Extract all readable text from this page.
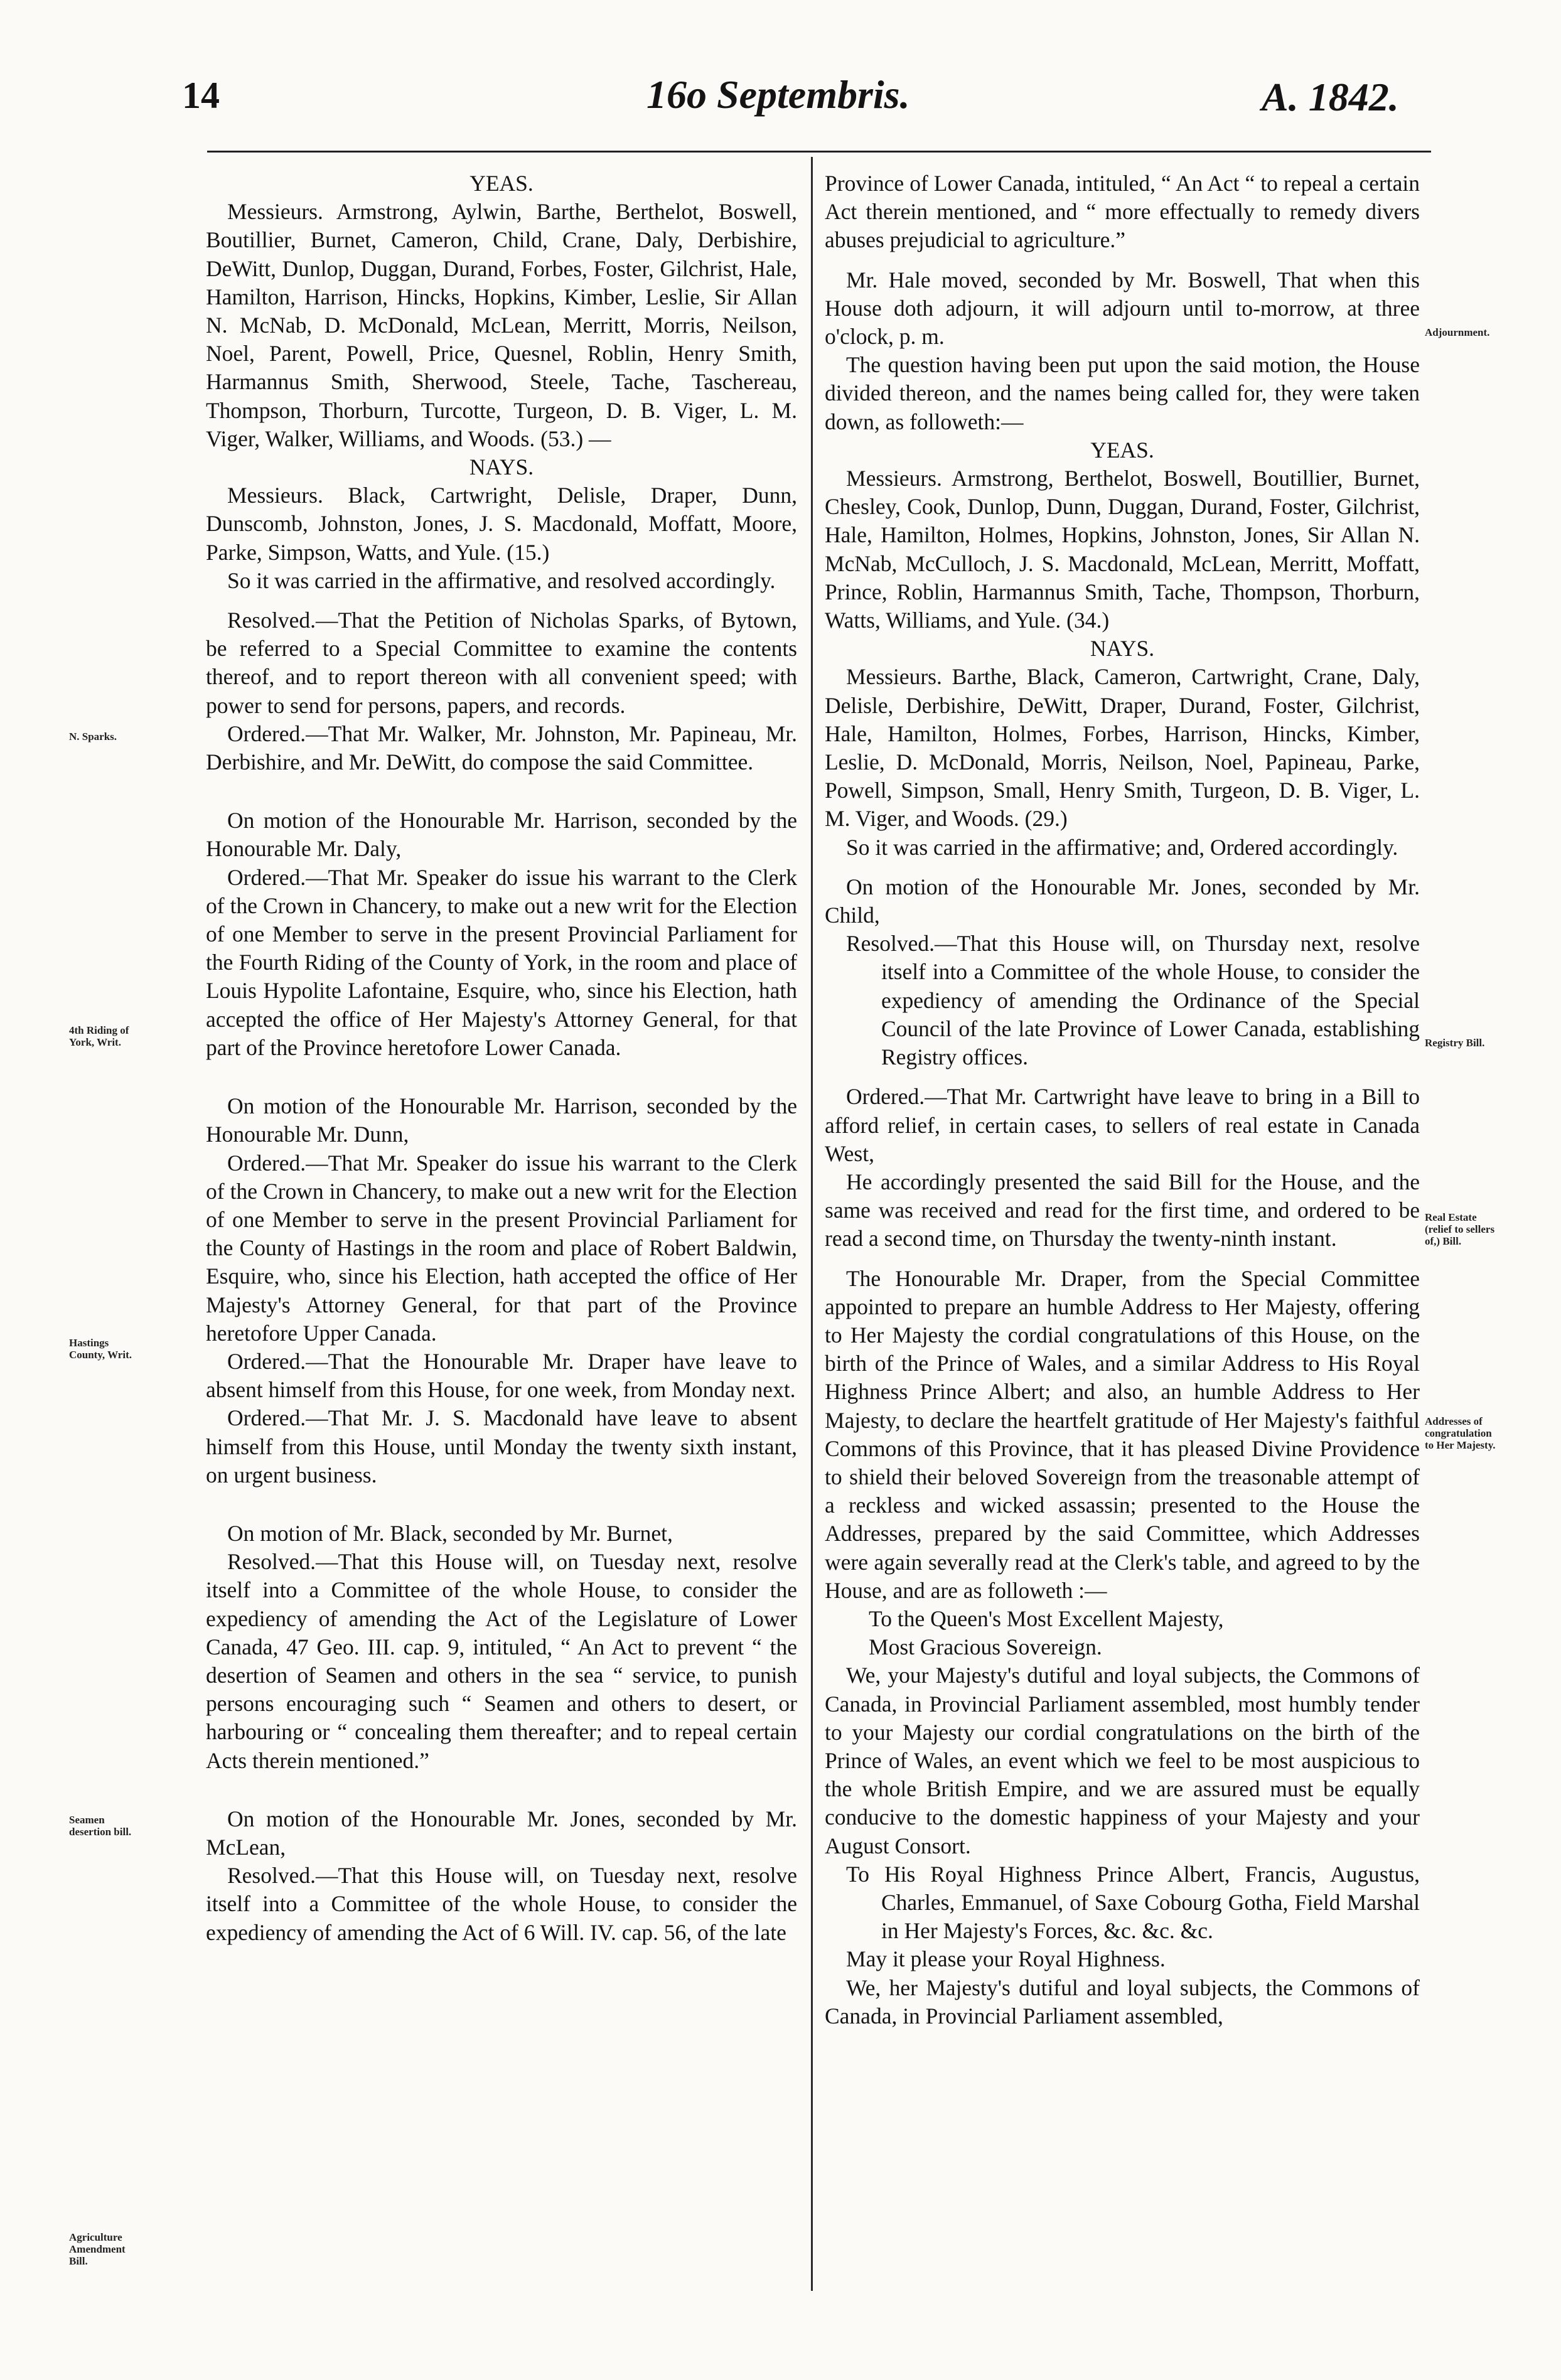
14	16o Septembris.	A. 1842.

YEAS.

Messieurs. Armstrong, Aylwin, Barthe, Berthelot, Boswell, Boutillier, Burnet, Cameron, Child, Crane, Daly, Derbishire, DeWitt, Dunlop, Duggan, Durand, Forbes, Foster, Gilchrist, Hale, Hamilton, Harrison, Hincks, Hopkins, Kimber, Leslie, Sir Allan N. McNab, D. McDonald, McLean, Merritt, Morris, Neilson, Noel, Parent, Powell, Price, Quesnel, Roblin, Henry Smith, Harmannus Smith, Sherwood, Steele, Tache, Taschereau, Thompson, Thorburn, Turcotte, Turgeon, D. B. Viger, L. M. Viger, Walker, Williams, and Woods. (53.) —

NAYS.

Messieurs. Black, Cartwright, Delisle, Draper, Dunn, Dunscomb, Johnston, Jones, J. S. Macdonald, Moffatt, Moore, Parke, Simpson, Watts, and Yule. (15.)

So it was carried in the affirmative, and resolved accordingly.

Resolved.—That the Petition of Nicholas Sparks, of Bytown, be referred to a Special Committee to examine the contents thereof, and to report thereon with all convenient speed; with power to send for persons, papers, and records.

Ordered.—That Mr. Walker, Mr. Johnston, Mr. Papineau, Mr. Derbishire, and Mr. DeWitt, do compose the said Committee.

On motion of the Honourable Mr. Harrison, seconded by the Honourable Mr. Daly,

Ordered.—That Mr. Speaker do issue his warrant to the Clerk of the Crown in Chancery, to make out a new writ for the Election of one Member to serve in the present Provincial Parliament for the Fourth Riding of the County of York, in the room and place of Louis Hypolite Lafontaine, Esquire, who, since his Election, hath accepted the office of Her Majesty's Attorney General, for that part of the Province heretofore Lower Canada.

On motion of the Honourable Mr. Harrison, seconded by the Honourable Mr. Dunn,

Ordered.—That Mr. Speaker do issue his warrant to the Clerk of the Crown in Chancery, to make out a new writ for the Election of one Member to serve in the present Provincial Parliament for the County of Hastings in the room and place of Robert Baldwin, Esquire, who, since his Election, hath accepted the office of Her Majesty's Attorney General, for that part of the Province heretofore Upper Canada.

Ordered.—That the Honourable Mr. Draper have leave to absent himself from this House, for one week, from Monday next.

Ordered.—That Mr. J. S. Macdonald have leave to absent himself from this House, until Monday the twenty sixth instant, on urgent business.

On motion of Mr. Black, seconded by Mr. Burnet,

Resolved.—That this House will, on Tuesday next, resolve itself into a Committee of the whole House, to consider the expediency of amending the Act of the Legislature of Lower Canada, 47 Geo. III. cap. 9, intituled, “ An Act to prevent “ the desertion of Seamen and others in the sea “ service, to punish persons encouraging such “ Seamen and others to desert, or harbouring or “ concealing them thereafter; and to repeal certain Acts therein mentioned.”

On motion of the Honourable Mr. Jones, seconded by Mr. McLean,

Resolved.—That this House will, on Tuesday next, resolve itself into a Committee of the whole House, to consider the expediency of amending the Act of 6 Will. IV. cap. 56, of the late

Province of Lower Canada, intituled, “ An Act “ to repeal a certain Act therein mentioned, and “ more effectually to remedy divers abuses prejudicial to agriculture.”

Mr. Hale moved, seconded by Mr. Boswell, That when this House doth adjourn, it will adjourn until to-morrow, at three o'clock, p. m.

The question having been put upon the said motion, the House divided thereon, and the names being called for, they were taken down, as followeth:—

YEAS.

Messieurs. Armstrong, Berthelot, Boswell, Boutillier, Burnet, Chesley, Cook, Dunlop, Dunn, Duggan, Durand, Foster, Gilchrist, Hale, Hamilton, Holmes, Hopkins, Johnston, Jones, Sir Allan N. McNab, McCulloch, J. S. Macdonald, McLean, Merritt, Moffatt, Prince, Roblin, Harmannus Smith, Tache, Thompson, Thorburn, Watts, Williams, and Yule. (34.)

NAYS.

Messieurs. Barthe, Black, Cameron, Cartwright, Crane, Daly, Delisle, Derbishire, DeWitt, Draper, Durand, Foster, Gilchrist, Hale, Hamilton, Holmes, Forbes, Harrison, Hincks, Kimber, Leslie, D. McDonald, Morris, Neilson, Noel, Papineau, Parke, Powell, Simpson, Small, Henry Smith, Turgeon, D. B. Viger, L. M. Viger, and Woods. (29.)

So it was carried in the affirmative; and, Ordered accordingly.

On motion of the Honourable Mr. Jones, seconded by Mr. Child,

Resolved.—That this House will, on Thursday next, resolve itself into a Committee of the whole House, to consider the expediency of amending the Ordinance of the Special Council of the late Province of Lower Canada, establishing Registry offices.

Ordered.—That Mr. Cartwright have leave to bring in a Bill to afford relief, in certain cases, to sellers of real estate in Canada West,

He accordingly presented the said Bill for the House, and the same was received and read for the first time, and ordered to be read a second time, on Thursday the twenty-ninth instant.

The Honourable Mr. Draper, from the Special Committee appointed to prepare an humble Address to Her Majesty, offering to Her Majesty the cordial congratulations of this House, on the birth of the Prince of Wales, and a similar Address to His Royal Highness Prince Albert; and also, an humble Address to Her Majesty, to declare the heartfelt gratitude of Her Majesty's faithful Commons of this Province, that it has pleased Divine Providence to shield their beloved Sovereign from the treasonable attempt of a reckless and wicked assassin; presented to the House the Addresses, prepared by the said Committee, which Addresses were again severally read at the Clerk's table, and agreed to by the House, and are as followeth :—

To the Queen's Most Excellent Majesty,

Most Gracious Sovereign.

We, your Majesty's dutiful and loyal subjects, the Commons of Canada, in Provincial Parliament assembled, most humbly tender to your Majesty our cordial congratulations on the birth of the Prince of Wales, an event which we feel to be most auspicious to the whole British Empire, and we are assured must be equally conducive to the domestic happiness of your Majesty and your August Consort.

To His Royal Highness Prince Albert, Francis, Augustus, Charles, Emmanuel, of Saxe Cobourg Gotha, Field Marshal in Her Majesty's Forces, &c. &c. &c.

May it please your Royal Highness.

We, her Majesty's dutiful and loyal subjects, the Commons of Canada, in Provincial Parliament assembled,

N. Sparks.
4th Riding of York, Writ.
Hastings County, Writ.
Seamen desertion bill.
Agriculture Amendment Bill.
Adjournment.
Registry Bill.
Real Estate (relief to sellers of,) Bill.
Addresses of congratulation to Her Majesty.
